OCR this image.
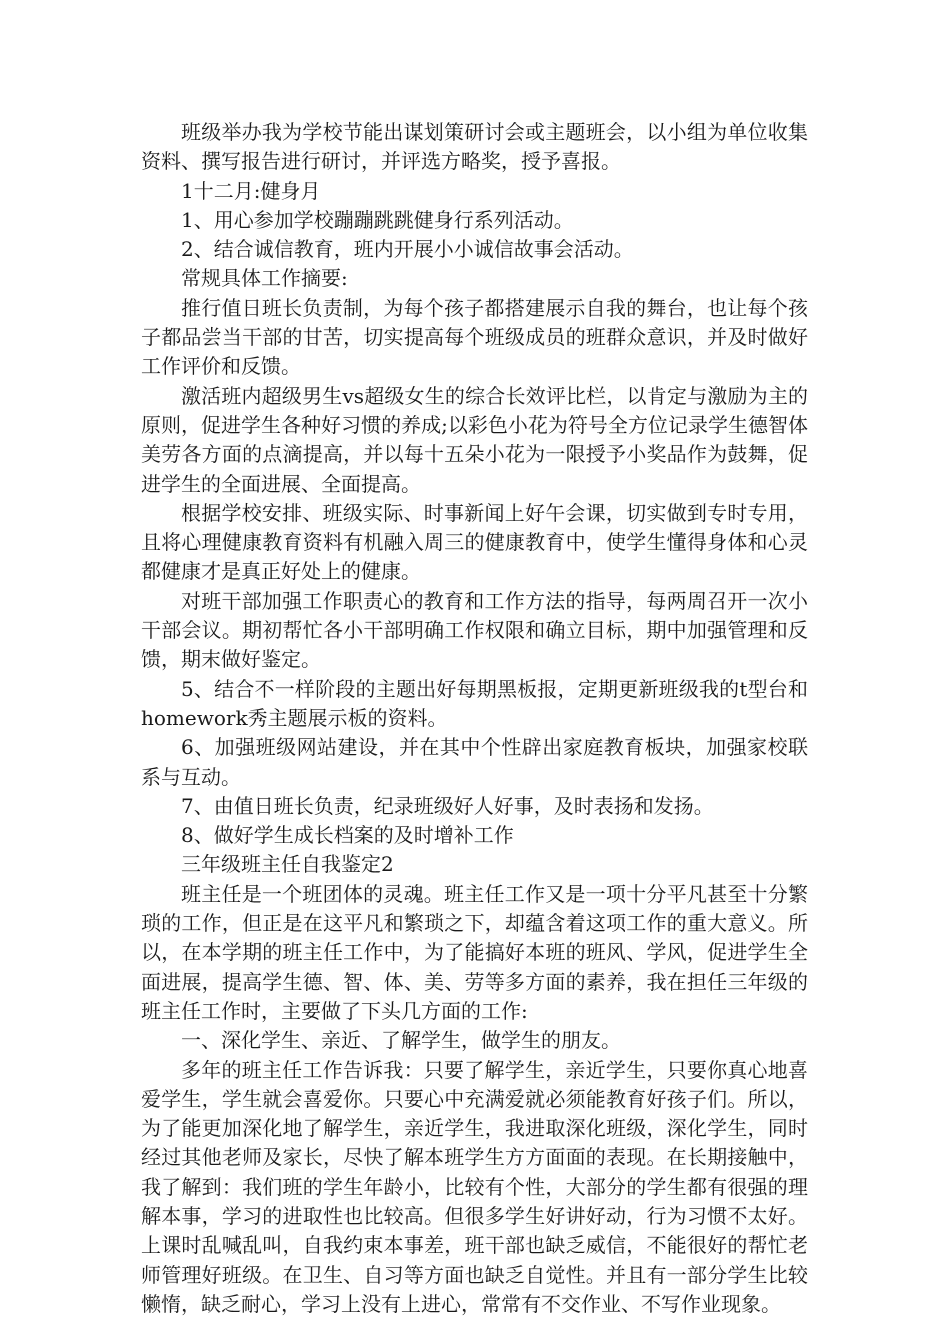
班级举办我为学校节能出谋划策研讨会或主题班会，以小组为单位收集资料、撰写报告进行研讨，并评选方略奖，授予喜报。

1十二月:健身月

1、用心参加学校蹦蹦跳跳健身行系列活动。

2、结合诚信教育，班内开展小小诚信故事会活动。

常规具体工作摘要:

推行值日班长负责制，为每个孩子都搭建展示自我的舞台，也让每个孩子都品尝当干部的甘苦，切实提高每个班级成员的班群众意识，并及时做好工作评价和反馈。

激活班内超级男生vs超级女生的综合长效评比栏，以肯定与激励为主的原则，促进学生各种好习惯的养成;以彩色小花为符号全方位记录学生德智体美劳各方面的点滴提高，并以每十五朵小花为一限授予小奖品作为鼓舞，促进学生的全面进展、全面提高。

根据学校安排、班级实际、时事新闻上好午会课，切实做到专时专用，且将心理健康教育资料有机融入周三的健康教育中，使学生懂得身体和心灵都健康才是真正好处上的健康。

对班干部加强工作职责心的教育和工作方法的指导，每两周召开一次小干部会议。期初帮忙各小干部明确工作权限和确立目标，期中加强管理和反馈，期末做好鉴定。

5、结合不一样阶段的主题出好每期黑板报，定期更新班级我的t型台和homework秀主题展示板的资料。

6、加强班级网站建设，并在其中个性辟出家庭教育板块，加强家校联系与互动。

7、由值日班长负责，纪录班级好人好事，及时表扬和发扬。

8、做好学生成长档案的及时增补工作

三年级班主任自我鉴定2

班主任是一个班团体的灵魂。班主任工作又是一项十分平凡甚至十分繁琐的工作，但正是在这平凡和繁琐之下，却蕴含着这项工作的重大意义。所以，在本学期的班主任工作中，为了能搞好本班的班风、学风，促进学生全面进展，提高学生德、智、体、美、劳等多方面的素养，我在担任三年级的班主任工作时，主要做了下头几方面的工作:

一、深化学生、亲近、了解学生，做学生的朋友。

多年的班主任工作告诉我：只要了解学生，亲近学生，只要你真心地喜爱学生，学生就会喜爱你。只要心中充满爱就必须能教育好孩子们。所以，为了能更加深化地了解学生，亲近学生，我进取深化班级，深化学生，同时经过其他老师及家长，尽快了解本班学生方方面面的表现。在长期接触中，我了解到：我们班的学生年龄小，比较有个性，大部分的学生都有很强的理解本事，学习的进取性也比较高。但很多学生好讲好动，行为习惯不太好。上课时乱喊乱叫，自我约束本事差，班干部也缺乏威信，不能很好的帮忙老师管理好班级。在卫生、自习等方面也缺乏自觉性。并且有一部分学生比较懒惰，缺乏耐心，学习上没有上进心，常常有不交作业、不写作业现象。
